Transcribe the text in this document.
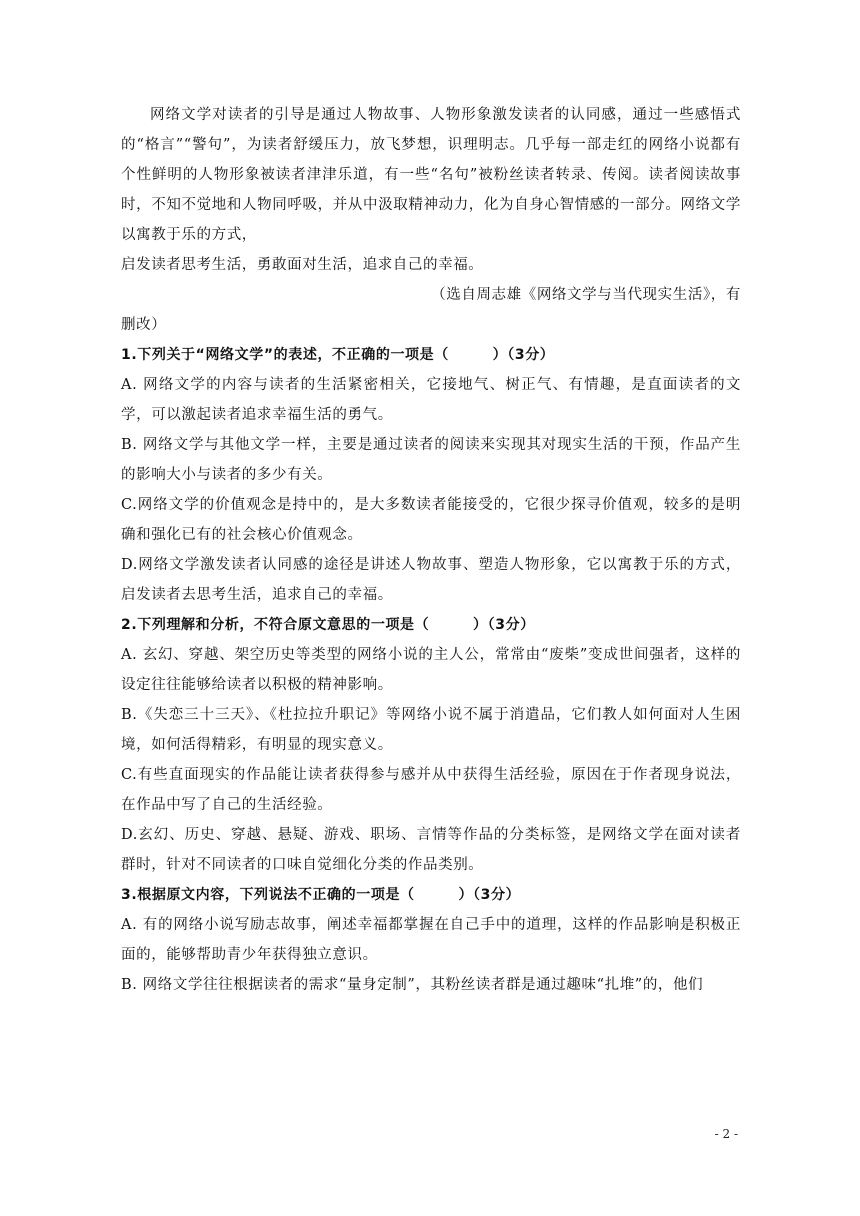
网络文学对读者的引导是通过人物故事、人物形象激发读者的认同感，通过一些感悟式的“格言”“警句”，为读者舒缓压力，放飞梦想，识理明志。几乎每一部走红的网络小说都有个性鲜明的人物形象被读者津津乐道，有一些“名句”被粉丝读者转录、传阅。读者阅读故事时，不知不觉地和人物同呼吸，并从中汲取精神动力，化为自身心智情感的一部分。网络文学以寓教于乐的方式，

启发读者思考生活，勇敢面对生活，追求自己的幸福。

（选自周志雄《网络文学与当代现实生活》，有

删改）

1.下列关于“网络文学”的表述，不正确的一项是（　　　）（3分）

A. 网络文学的内容与读者的生活紧密相关，它接地气、树正气、有情趣，是直面读者的文学，可以激起读者追求幸福生活的勇气。

B. 网络文学与其他文学一样，主要是通过读者的阅读来实现其对现实生活的干预，作品产生的影响大小与读者的多少有关。

C.网络文学的价值观念是持中的，是大多数读者能接受的，它很少探寻价值观，较多的是明确和强化已有的社会核心价值观念。

D.网络文学激发读者认同感的途径是讲述人物故事、塑造人物形象，它以寓教于乐的方式，启发读者去思考生活，追求自己的幸福。

2.下列理解和分析，不符合原文意思的一项是（　　　）（3分）

A. 玄幻、穿越、架空历史等类型的网络小说的主人公，常常由“废柴”变成世间强者，这样的设定往往能够给读者以积极的精神影响。

B.《失恋三十三天》、《杜拉拉升职记》等网络小说不属于消遣品，它们教人如何面对人生困境，如何活得精彩，有明显的现实意义。

C.有些直面现实的作品能让读者获得参与感并从中获得生活经验，原因在于作者现身说法，在作品中写了自己的生活经验。

D.玄幻、历史、穿越、悬疑、游戏、职场、言情等作品的分类标签，是网络文学在面对读者群时，针对不同读者的口味自觉细化分类的作品类别。

3.根据原文内容，下列说法不正确的一项是（　　　）（3分）

A. 有的网络小说写励志故事，阐述幸福都掌握在自己手中的道理，这样的作品影响是积极正面的，能够帮助青少年获得独立意识。

B. 网络文学往往根据读者的需求“量身定制”，其粉丝读者群是通过趣味“扎堆”的，他们

- 2 -
